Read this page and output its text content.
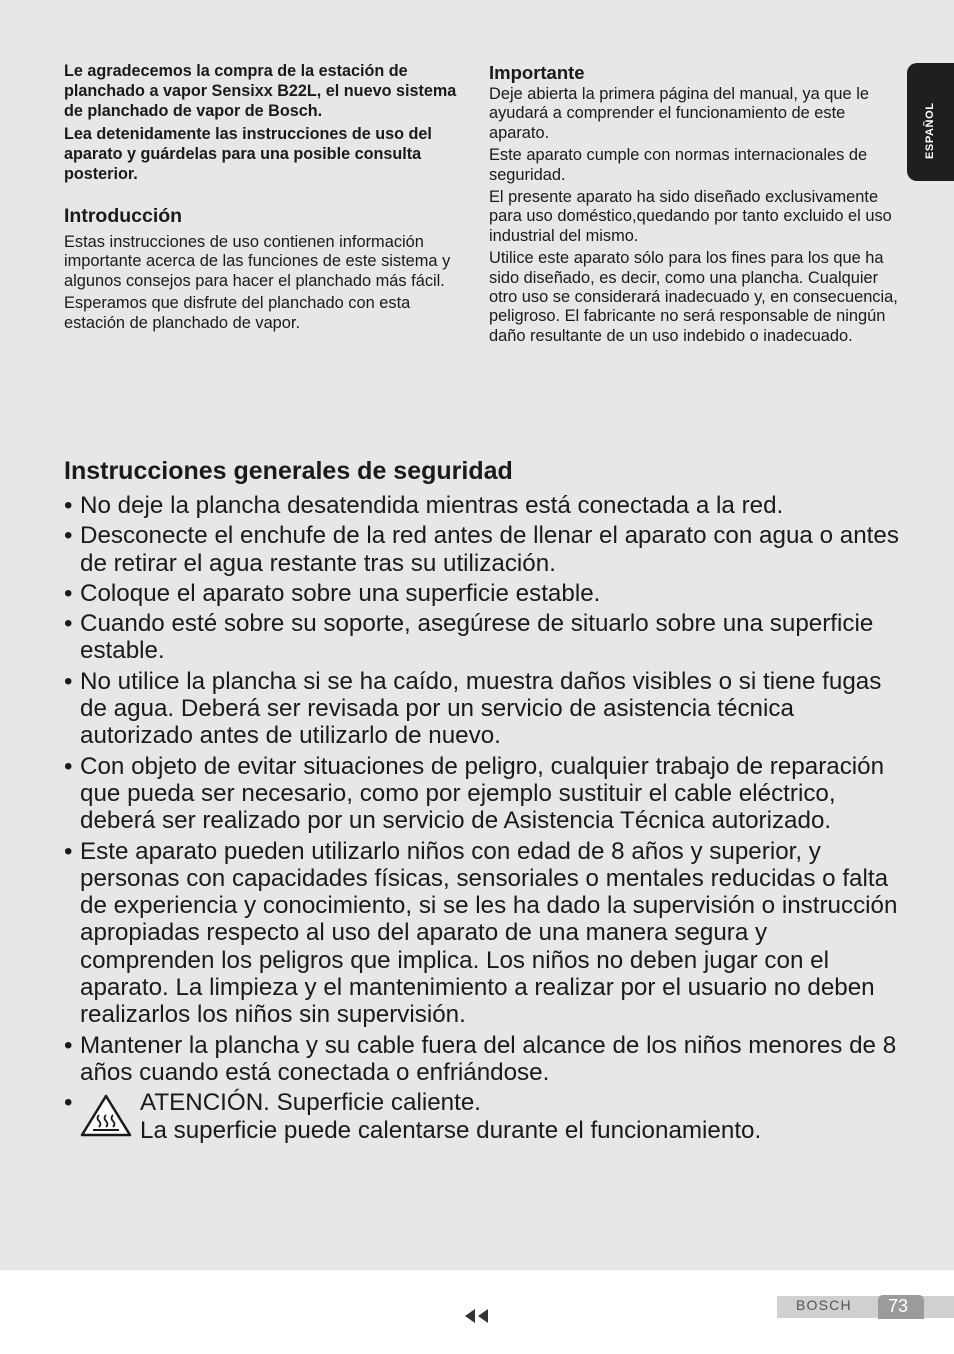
ESPAÑOL

Le agradecemos la compra de la estación de planchado a vapor Sensixx B22L, el nuevo sistema de planchado de vapor de Bosch.

Lea detenidamente las instrucciones de uso del aparato y guárdelas para una posible consulta posterior.

Introducción

Estas instrucciones de uso contienen información importante acerca de las funciones de este sistema y algunos consejos para hacer el planchado más fácil.

Esperamos que disfrute del planchado con esta estación de planchado de vapor.

Importante

Deje abierta la primera página del manual, ya que le ayudará a comprender el funcionamiento de este aparato.

Este aparato cumple con normas internacionales de seguridad.

El presente aparato ha sido diseñado exclusivamente para uso doméstico,quedando por tanto excluido el uso industrial del mismo.

Utilice este aparato sólo para los fines para los que ha sido diseñado, es decir, como una plancha. Cualquier otro uso se considerará inadecuado y, en consecuencia, peligroso. El fabricante no será responsable de ningún daño resultante de un uso indebido o inadecuado.

Instrucciones generales de seguridad
• No deje la plancha desatendida mientras está conectada a la red.
• Desconecte el enchufe de la red antes de llenar el aparato con agua o antes de retirar el agua restante tras su utilización.
• Coloque el aparato sobre una superficie estable.
• Cuando esté sobre su soporte, asegúrese de situarlo sobre una superficie estable.
• No utilice la plancha si se ha caído, muestra daños visibles o si tiene fugas de agua. Deberá ser revisada por un servicio de asistencia técnica autorizado antes de utilizarlo de nuevo.
• Con objeto de evitar situaciones de peligro, cualquier trabajo de reparación que pueda ser necesario, como por ejemplo sustituir el cable eléctrico, deberá ser realizado por un servicio de Asistencia Técnica autorizado.
• Este aparato pueden utilizarlo niños con edad de 8 años y superior, y personas con capacidades físicas, sensoriales o mentales reducidas o falta de experiencia y conocimiento, si se les ha dado la supervisión o instrucción apropiadas respecto al uso del aparato de una manera segura y comprenden los peligros que implica. Los niños no deben jugar con el aparato. La limpieza y el mantenimiento a realizar por el usuario no deben realizarlos los niños sin supervisión.
• Mantener la plancha y su cable fuera del alcance de los niños menores de 8 años cuando está conectada o enfriándose.
•	ATENCIÓN. Superficie caliente.
La superficie puede calentarse durante el funcionamiento.
BOSCH 73
